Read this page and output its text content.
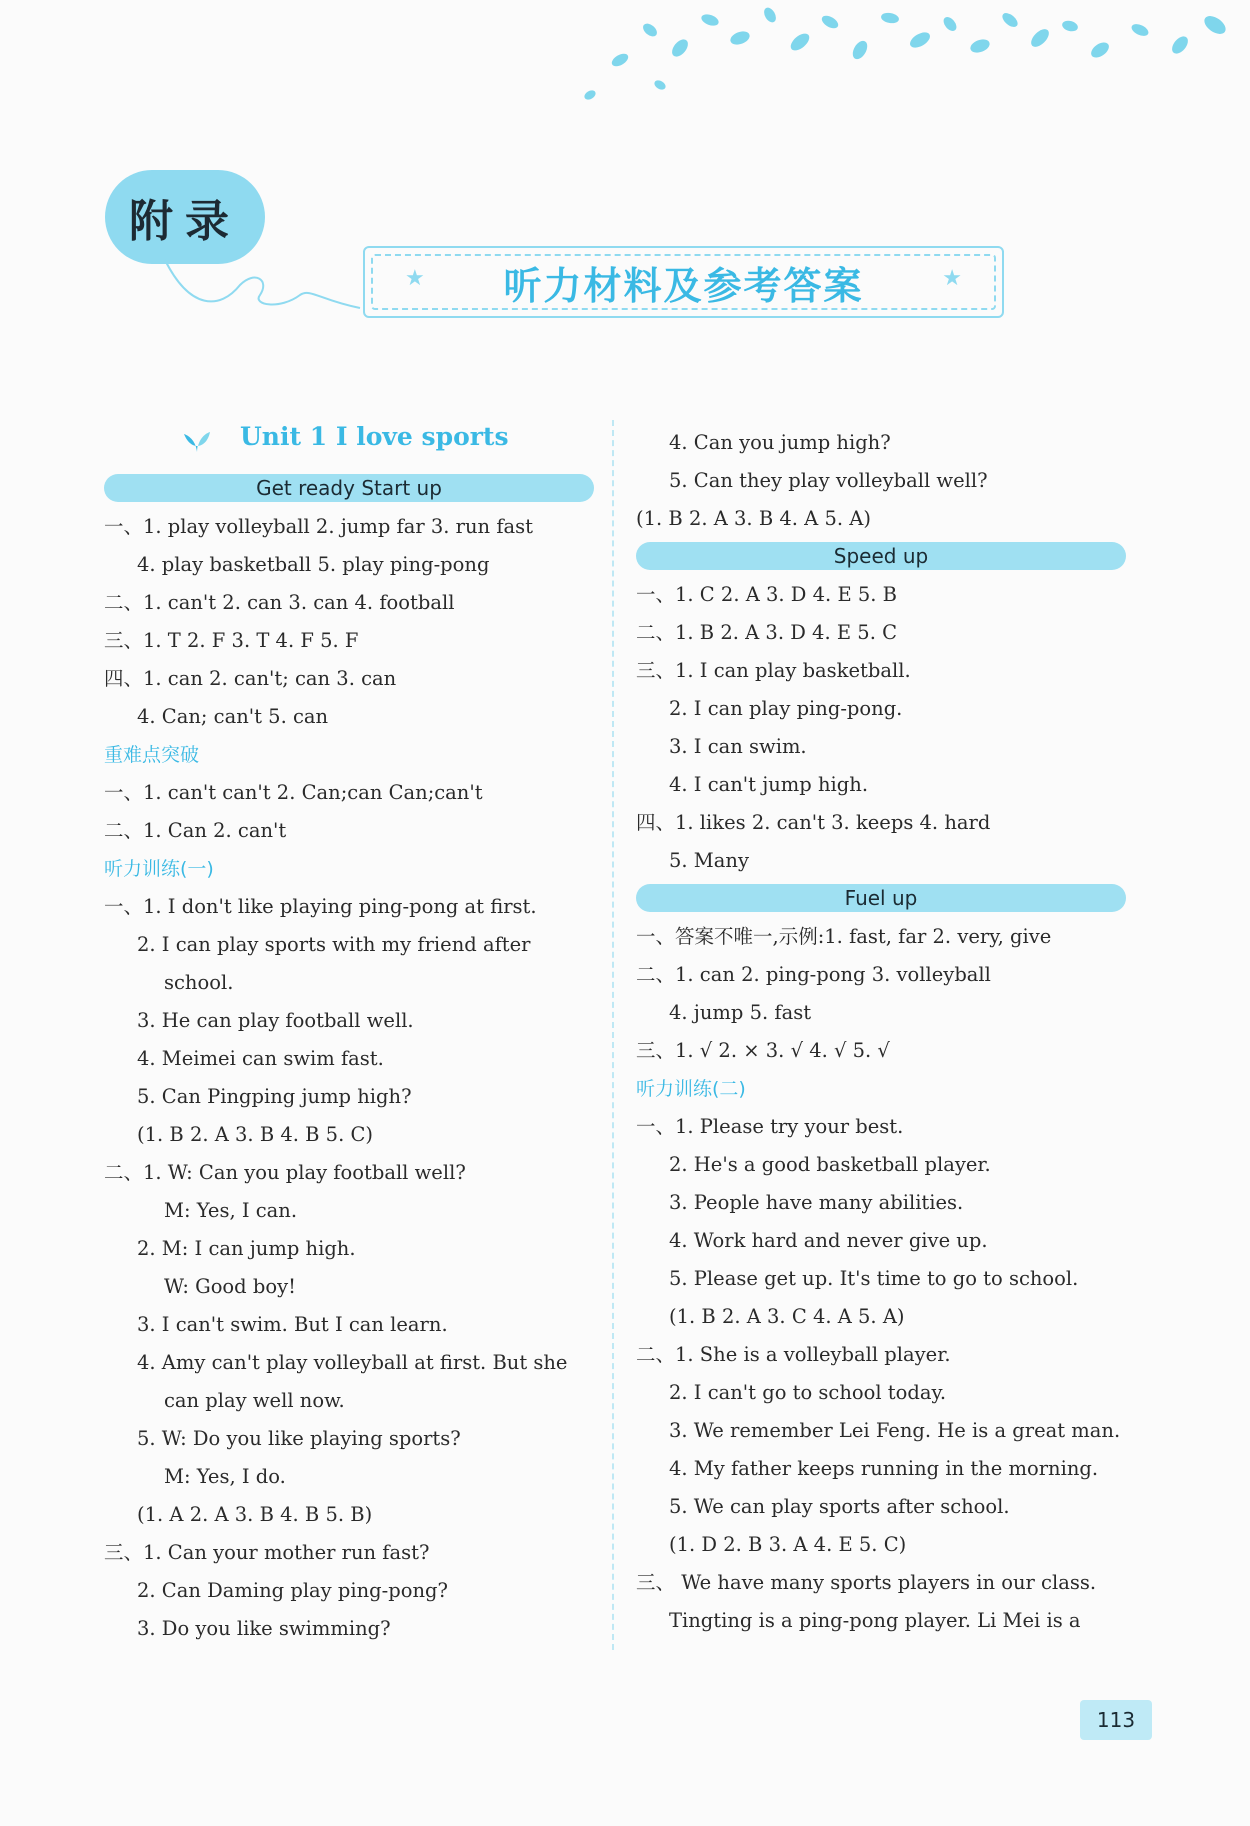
附录
听力材料及参考答案
★	★
Unit 1 I love sports
Get ready Start up
一、1. play volleyball 2. jump far 3. run fast
4. play basketball 5. play ping-pong
二、1. can't 2. can 3. can 4. football
三、1. T 2. F 3. T 4. F 5. F
四、1. can 2. can't; can 3. can
4. Can; can't 5. can
重难点突破
一、1. can't can't 2. Can;can Can;can't
二、1. Can 2. can't
听力训练(一)
一、1. I don't like playing ping-pong at first.
2. I can play sports with my friend after
school.
3. He can play football well.
4. Meimei can swim fast.
5. Can Pingping jump high?
(1. B 2. A 3. B 4. B 5. C)
二、1. W: Can you play football well?
M: Yes, I can.
2. M: I can jump high.
W: Good boy!
3. I can't swim. But I can learn.
4. Amy can't play volleyball at first. But she
can play well now.
5. W: Do you like playing sports?
M: Yes, I do.
(1. A 2. A 3. B 4. B 5. B)
三、1. Can your mother run fast?
2. Can Daming play ping-pong?
3. Do you like swimming?
4. Can you jump high?
5. Can they play volleyball well?
(1. B 2. A 3. B 4. A 5. A)
Speed up
一、1. C 2. A 3. D 4. E 5. B
二、1. B 2. A 3. D 4. E 5. C
三、1. I can play basketball.
2. I can play ping-pong.
3. I can swim.
4. I can't jump high.
四、1. likes 2. can't 3. keeps 4. hard
5. Many
Fuel up
一、答案不唯一,示例:1. fast, far 2. very, give
二、1. can 2. ping-pong 3. volleyball
4. jump 5. fast
三、1. √ 2. × 3. √ 4. √ 5. √
听力训练(二)
一、1. Please try your best.
2. He's a good basketball player.
3. People have many abilities.
4. Work hard and never give up.
5. Please get up. It's time to go to school.
(1. B 2. A 3. C 4. A 5. A)
二、1. She is a volleyball player.
2. I can't go to school today.
3. We remember Lei Feng. He is a great man.
4. My father keeps running in the morning.
5. We can play sports after school.
(1. D 2. B 3. A 4. E 5. C)
三、 We have many sports players in our class.
Tingting is a ping-pong player. Li Mei is a
113
